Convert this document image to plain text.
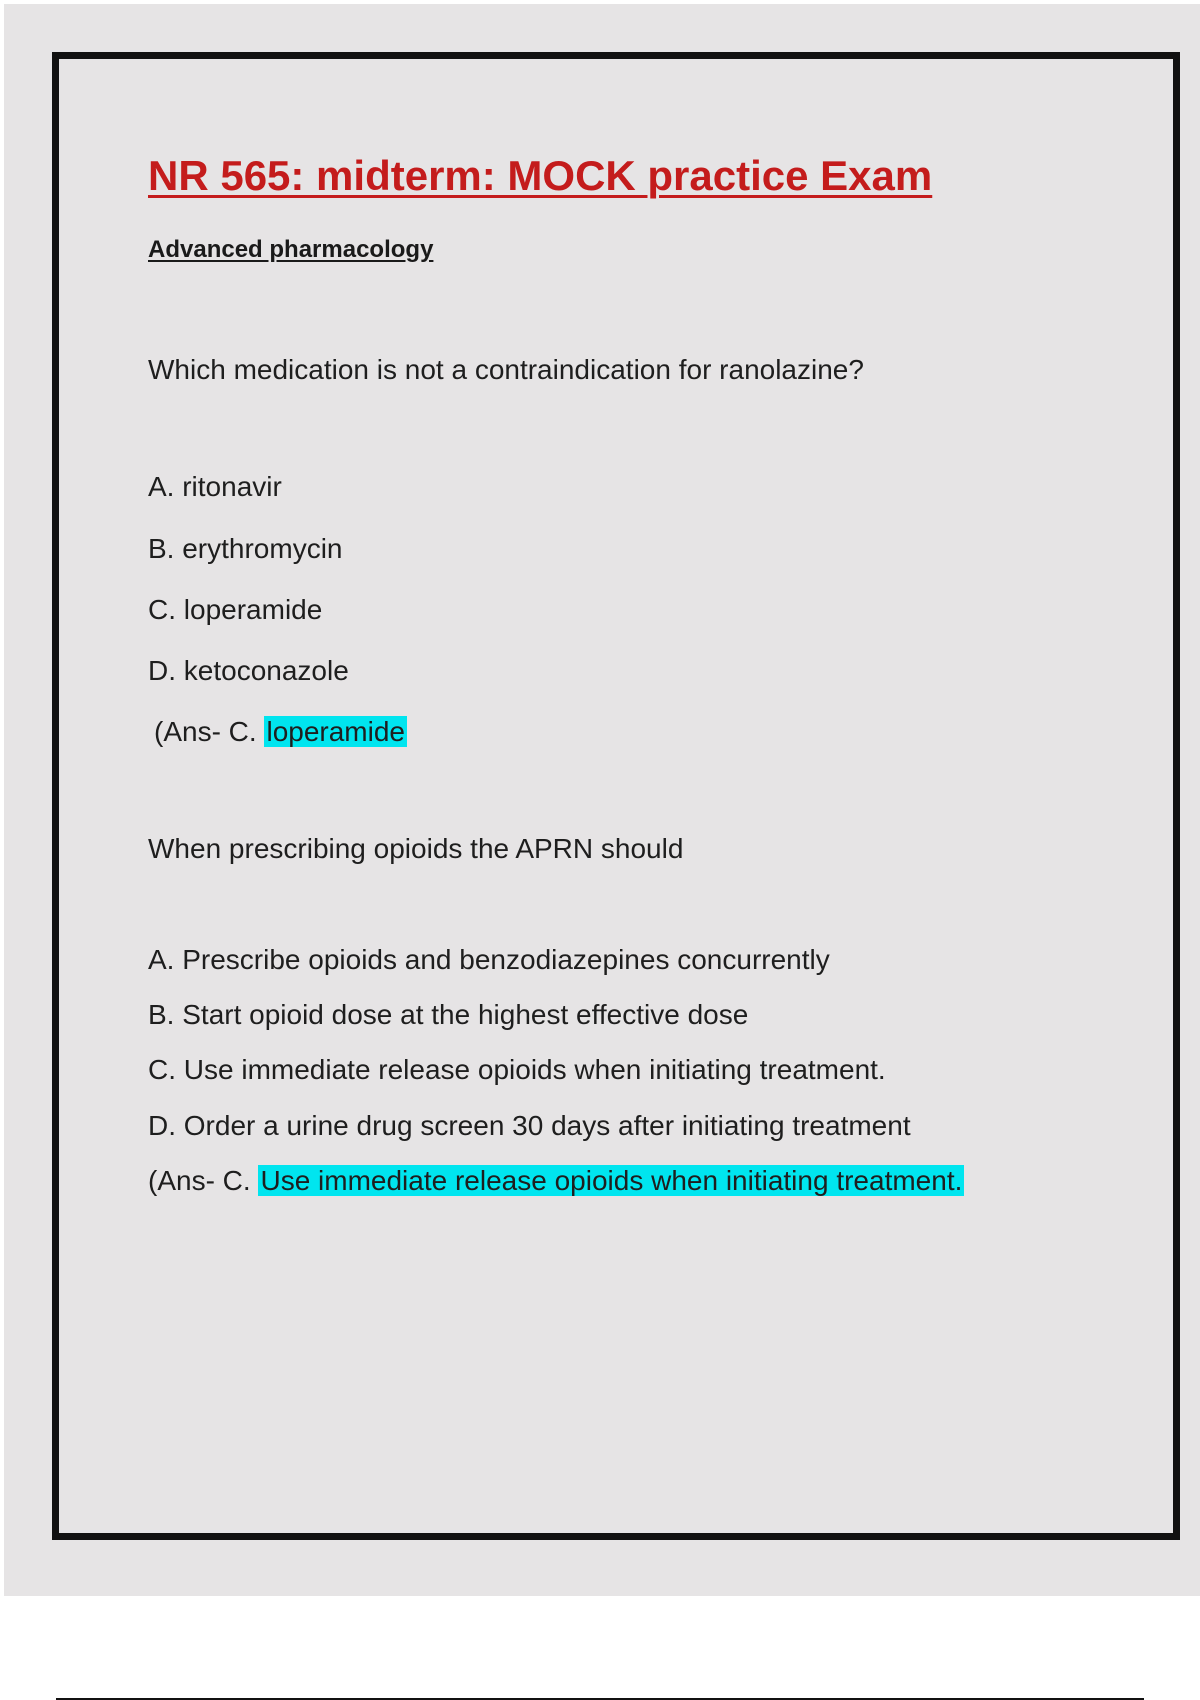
NR 565: midterm: MOCK practice Exam
Advanced pharmacology

Which medication is not a contraindication for ranolazine?

A. ritonavir

B. erythromycin

C. loperamide

D. ketoconazole

(Ans- C. loperamide

When prescribing opioids the APRN should

A. Prescribe opioids and benzodiazepines concurrently

B. Start opioid dose at the highest effective dose

C. Use immediate release opioids when initiating treatment.

D. Order a urine drug screen 30 days after initiating treatment

(Ans- C. Use immediate release opioids when initiating treatment.
